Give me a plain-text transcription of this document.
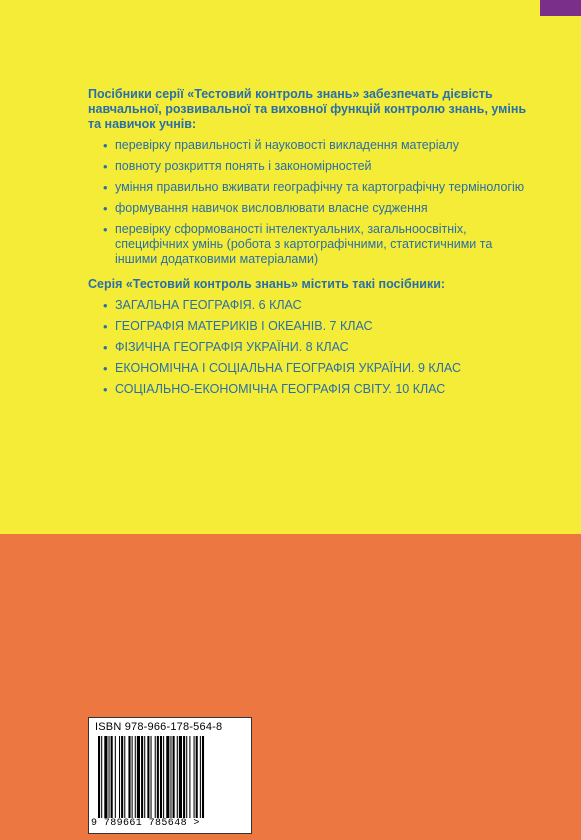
Посібники серії «Тестовий контроль знань» забезпечать дієвість навчальної, розвивальної та виховної функцій контролю знань, умінь та навичок учнів:

• перевірку правильності й науковості викладення матеріалу
• повноту розкриття понять і закономірностей
• уміння правильно вживати географічну та картографічну термінологію
• формування навичок висловлювати власне судження
• перевірку сформованості інтелектуальних, загальноосвітніх, специфічних умінь (робота з картографічними, статистичними та іншими додатковими матеріалами)

Серія «Тестовий контроль знань» містить такі посібники:

• ЗАГАЛЬНА ГЕОГРАФІЯ. 6 КЛАС
• ГЕОГРАФІЯ МАТЕРИКІВ І ОКЕАНІВ. 7 КЛАС
• ФІЗИЧНА ГЕОГРАФІЯ УКРАЇНИ. 8 КЛАС
• ЕКОНОМІЧНА І СОЦІАЛЬНА ГЕОГРАФІЯ УКРАЇНИ. 9 КЛАС
• СОЦІАЛЬНО-ЕКОНОМІЧНА ГЕОГРАФІЯ СВІТУ. 10 КЛАС
ISBN 978-966-178-564-8
9 789661 785648 >
